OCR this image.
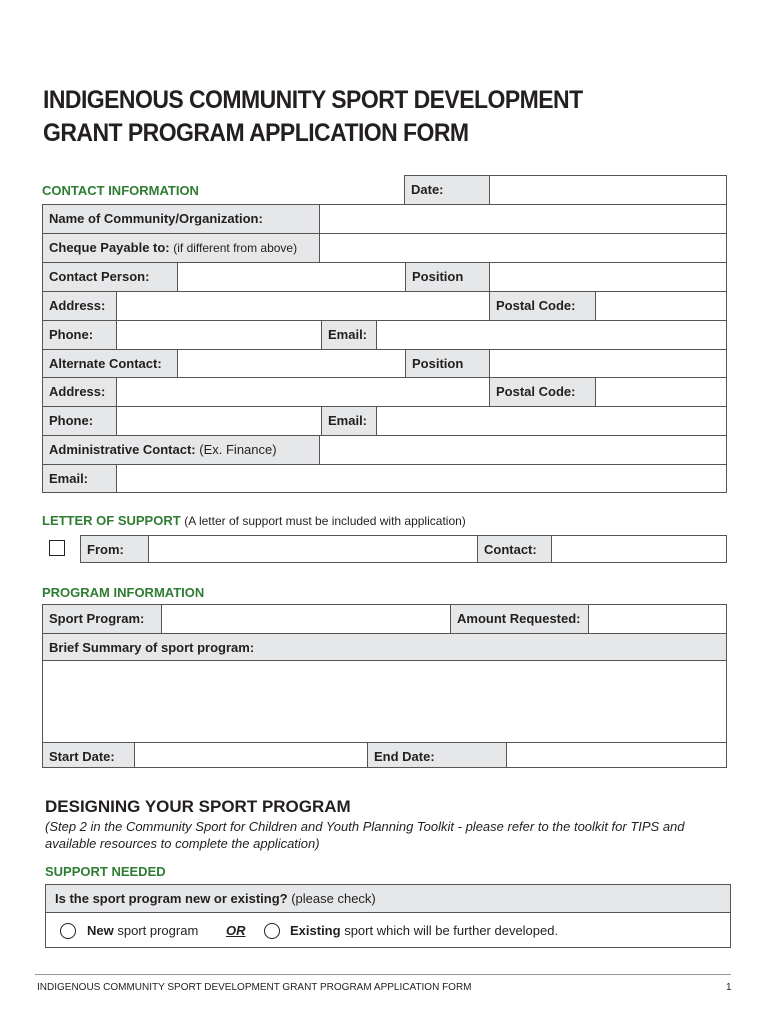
INDIGENOUS COMMUNITY SPORT DEVELOPMENT
GRANT PROGRAM APPLICATION FORM
CONTACT INFORMATION	Date:
Name of Community/Organization:
Cheque Payable to: (if different from above)
Contact Person:	Position
Address:	Postal Code:
Phone:	Email:
Alternate Contact:	Position
Address:	Postal Code:
Phone:	Email:
Administrative Contact: (Ex. Finance)
Email:
LETTER OF SUPPORT (A letter of support must be included with application)
From:	Contact:
PROGRAM INFORMATION
Sport Program:	Amount Requested:
Brief Summary of sport program:
Start Date:	End Date:
DESIGNING YOUR SPORT PROGRAM
(Step 2 in the Community Sport for Children and Youth Planning Toolkit - please refer to the toolkit for TIPS and available resources to complete the application)
SUPPORT NEEDED
Is the sport program new or existing? (please check)
New sport program OR	Existing sport which will be further developed.
INDIGENOUS COMMUNITY SPORT DEVELOPMENT GRANT PROGRAM APPLICATION FORM	1
